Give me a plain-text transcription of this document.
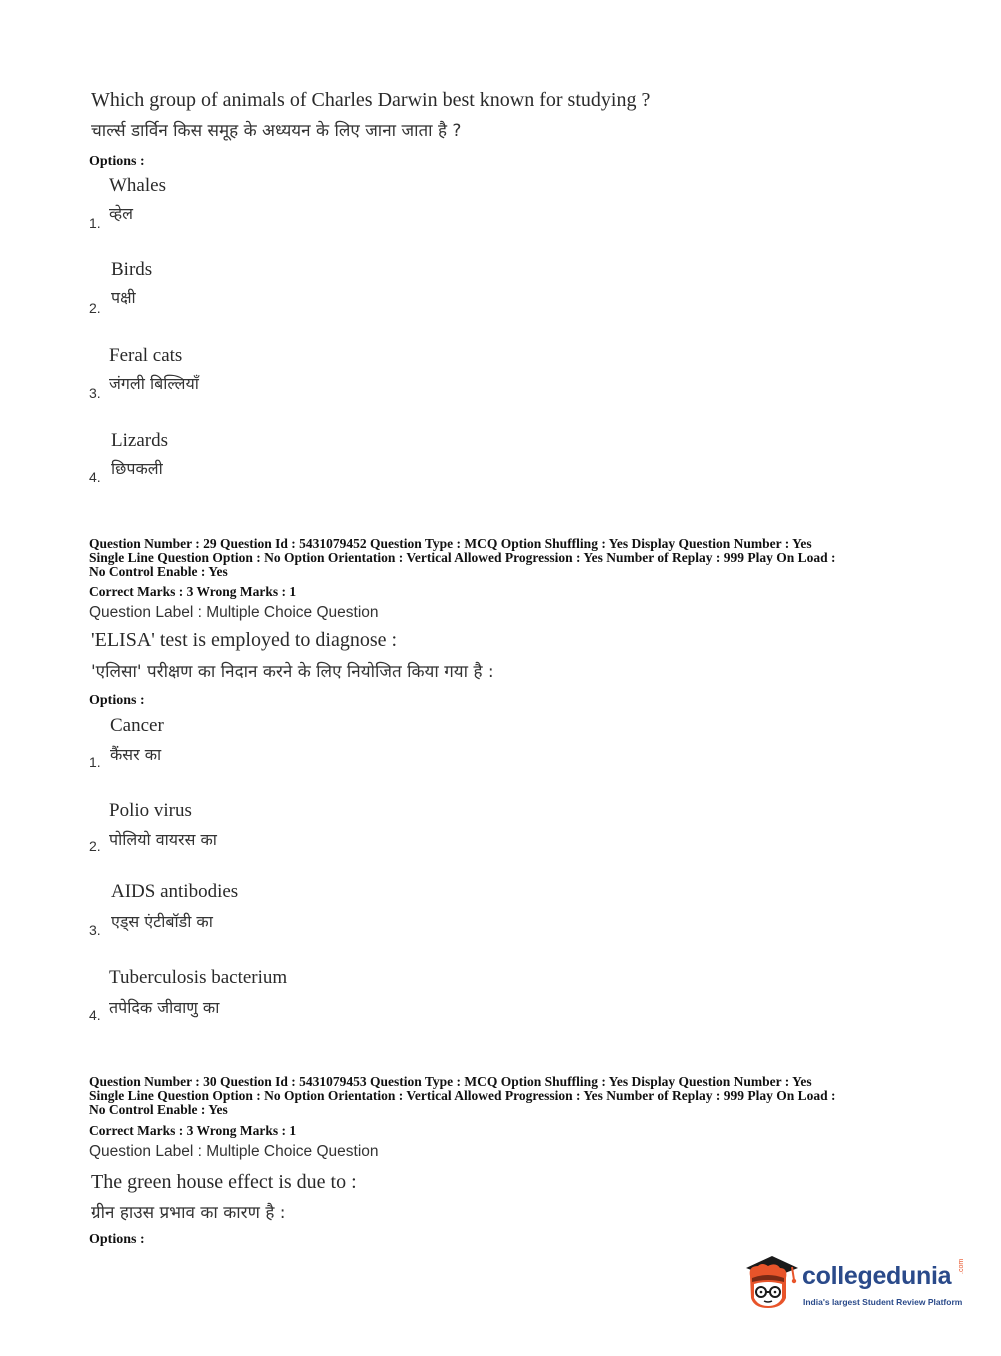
Which group of animals of Charles Darwin best known for studying ?
चार्ल्स डार्विन किस समूह के अध्ययन के लिए जाना जाता है ?
Options :
Whales
व्हेल
1.
Birds
पक्षी
2.
Feral cats
जंगली बिल्लियाँ
3.
Lizards
छिपकली
4.
Question Number : 29 Question Id : 5431079452 Question Type : MCQ Option Shuffling : Yes Display Question Number : Yes
Single Line Question Option : No Option Orientation : Vertical Allowed Progression : Yes Number of Replay : 999 Play On Load :
No Control Enable : Yes
Correct Marks : 3 Wrong Marks : 1
Question Label : Multiple Choice Question
'ELISA' test is employed to diagnose :
'एलिसा' परीक्षण का निदान करने के लिए नियोजित किया गया है :
Options :
Cancer
कैंसर का
1.
Polio virus
पोलियो वायरस का
2.
AIDS antibodies
एड्स एंटीबॉडी का
3.
Tuberculosis bacterium
तपेदिक जीवाणु का
4.
Question Number : 30 Question Id : 5431079453 Question Type : MCQ Option Shuffling : Yes Display Question Number : Yes
Single Line Question Option : No Option Orientation : Vertical Allowed Progression : Yes Number of Replay : 999 Play On Load :
No Control Enable : Yes
Correct Marks : 3 Wrong Marks : 1
Question Label : Multiple Choice Question
The green house effect is due to :
ग्रीन हाउस प्रभाव का कारण है :
Options :
collegedunia .com
India's largest Student Review Platform
